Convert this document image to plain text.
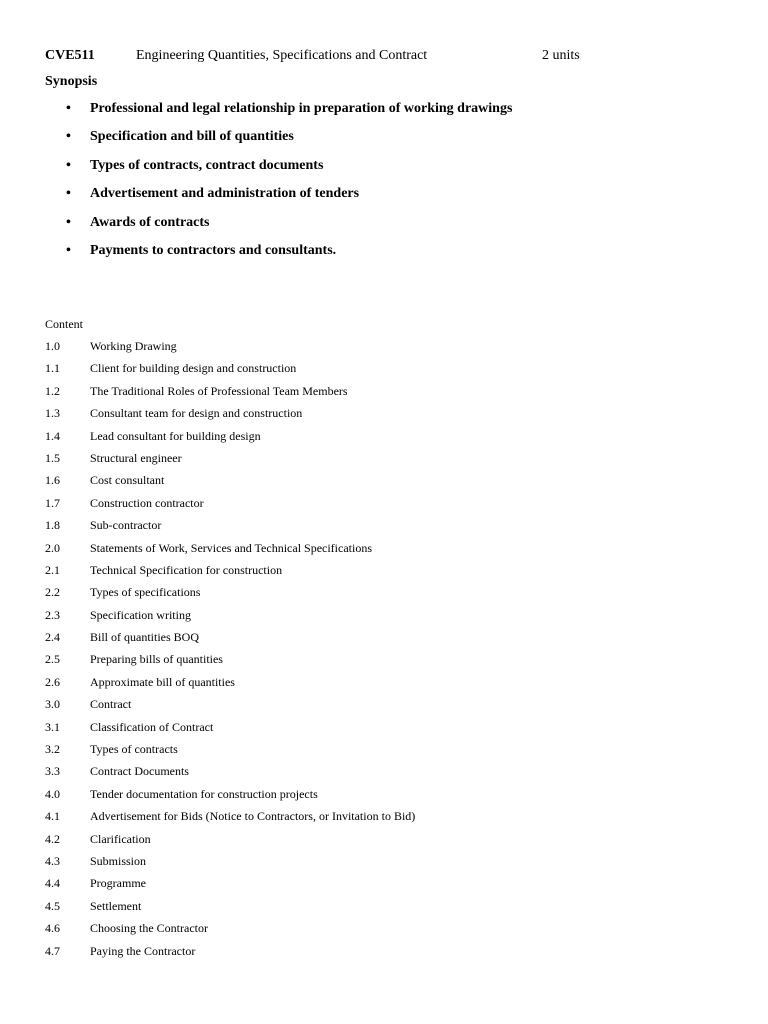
CVE511	Engineering Quantities, Specifications and Contract	2 units
Synopsis
• Professional and legal relationship in preparation of working drawings
• Specification and bill of quantities
• Types of contracts, contract documents
• Advertisement and administration of tenders
• Awards of contracts
• Payments to contractors and consultants.
Content
1.0	Working Drawing
1.1	Client for building design and construction
1.2	The Traditional Roles of Professional Team Members
1.3	Consultant team for design and construction
1.4	Lead consultant for building design
1.5	Structural engineer
1.6	Cost consultant
1.7	Construction contractor
1.8	Sub-contractor
2.0	Statements of Work, Services and Technical Specifications
2.1	Technical Specification for construction
2.2	Types of specifications
2.3	Specification writing
2.4	Bill of quantities BOQ
2.5	Preparing bills of quantities
2.6	Approximate bill of quantities
3.0	Contract
3.1	Classification of Contract
3.2	Types of contracts
3.3	Contract Documents
4.0	Tender documentation for construction projects
4.1	Advertisement for Bids (Notice to Contractors, or Invitation to Bid)
4.2	Clarification
4.3	Submission
4.4	Programme
4.5	Settlement
4.6	Choosing the Contractor
4.7	Paying the Contractor
